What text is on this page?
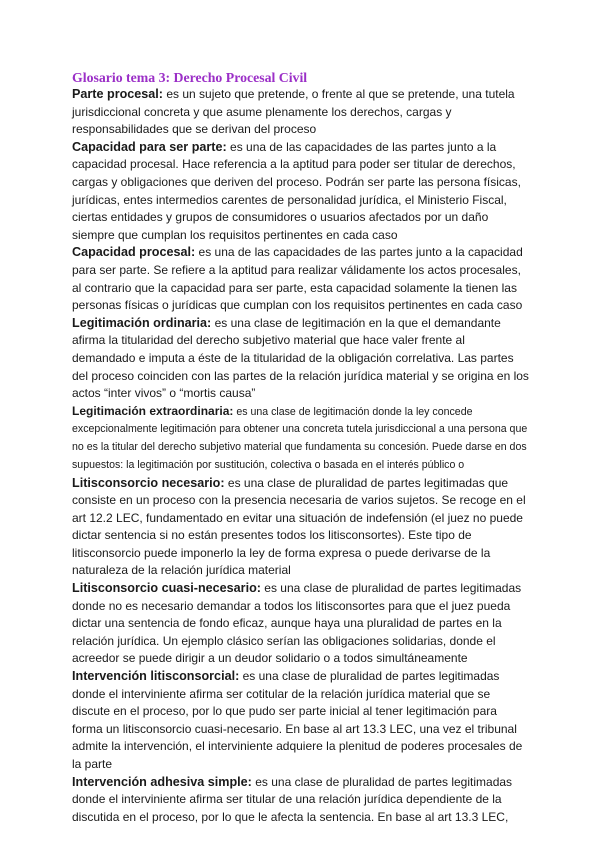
Glosario tema 3: Derecho Procesal Civil

Parte procesal: es un sujeto que pretende, o frente al que se pretende, una tutela jurisdiccional concreta y que asume plenamente los derechos, cargas y responsabilidades que se derivan del proceso

Capacidad para ser parte: es una de las capacidades de las partes junto a la capacidad procesal. Hace referencia a la aptitud para poder ser titular de derechos, cargas y obligaciones que deriven del proceso. Podrán ser parte las persona físicas, jurídicas, entes intermedios carentes de personalidad jurídica, el Ministerio Fiscal, ciertas entidades y grupos de consumidores o usuarios afectados por un daño siempre que cumplan los requisitos pertinentes en cada caso

Capacidad procesal: es una de las capacidades de las partes junto a la capacidad para ser parte. Se refiere a la aptitud para realizar válidamente los actos procesales, al contrario que la capacidad para ser parte, esta capacidad solamente la tienen las personas físicas o jurídicas que cumplan con los requisitos pertinentes en cada caso

Legitimación ordinaria: es una clase de legitimación en la que el demandante afirma la titularidad del derecho subjetivo material que hace valer frente al demandado e imputa a éste de la titularidad de la obligación correlativa. Las partes del proceso coinciden con las partes de la relación jurídica material y se origina en los actos “inter vivos” o “mortis causa”

Legitimación extraordinaria: es una clase de legitimación donde la ley concede excepcionalmente legitimación para obtener una concreta tutela jurisdiccional a una persona que no es la titular del derecho subjetivo material que fundamenta su concesión. Puede darse en dos supuestos: la legitimación por sustitución, colectiva o basada en el interés público o

Litisconsorcio necesario: es una clase de pluralidad de partes legitimadas que consiste en un proceso con la presencia necesaria de varios sujetos. Se recoge en el art 12.2 LEC, fundamentado en evitar una situación de indefensión (el juez no puede dictar sentencia si no están presentes todos los litisconsortes). Este tipo de litisconsorcio puede imponerlo la ley de forma expresa o puede derivarse de la naturaleza de la relación jurídica material

Litisconsorcio cuasi-necesario: es una clase de pluralidad de partes legitimadas donde no es necesario demandar a todos los litisconsortes para que el juez pueda dictar una sentencia de fondo eficaz, aunque haya una pluralidad de partes en la relación jurídica. Un ejemplo clásico serían las obligaciones solidarias, donde el acreedor se puede dirigir a un deudor solidario o a todos simultáneamente

Intervención litisconsorcial: es una clase de pluralidad de partes legitimadas donde el interviniente afirma ser cotitular de la relación jurídica material que se discute en el proceso, por lo que pudo ser parte inicial al tener legitimación para forma un litisconsorcio cuasi-necesario. En base al art 13.3 LEC, una vez el tribunal admite la intervención, el interviniente adquiere la plenitud de poderes procesales de la parte

Intervención adhesiva simple: es una clase de pluralidad de partes legitimadas donde el interviniente afirma ser titular de una relación jurídica dependiente de la discutida en el proceso, por lo que le afecta la sentencia. En base al art 13.3 LEC,
